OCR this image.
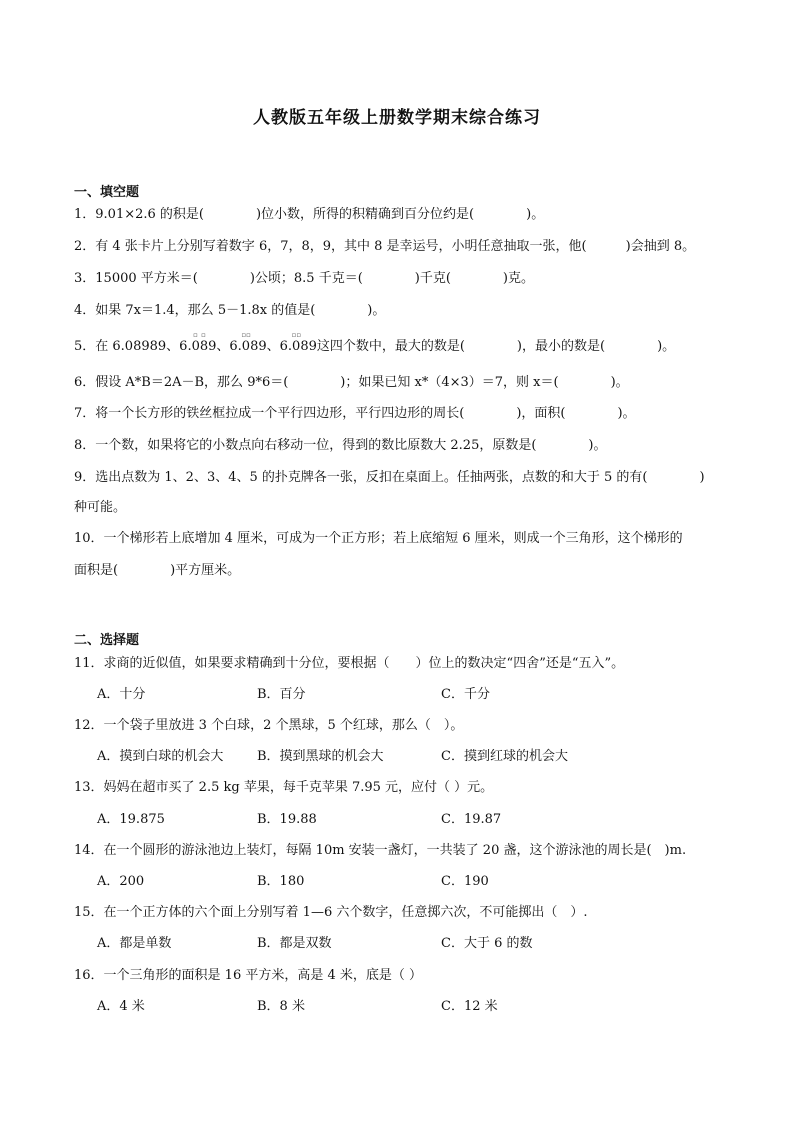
人教版五年级上册数学期末综合练习
一、填空题
1．9.01×2.6 的积是(　　　　)位小数，所得的积精确到百分位约是(　　　　)。
2．有 4 张卡片上分别写着数字 6，7，8，9，其中 8 是幸运号，小明任意抽取一张，他(　　　)会抽到 8。
3．15000 平方米＝(　　　　)公顷；8.5 千克＝(　　　　)千克(　　　　)克。
4．如果 7x＝1.4，那么 5－1.8x 的值是(　　　　)。
5．在 6.08989、▫ 6.089 ▫、▫▫ 6.089、▫▫ 6.089这四个数中，最大的数是(　　　　)，最小的数是(　　　　)。
6．假设 A*B＝2A－B，那么 9*6＝(　　　　)；如果已知 x*（4×3）＝7，则 x＝(　　　　)。
7．将一个长方形的铁丝框拉成一个平行四边形，平行四边形的周长(　　　　)，面积(　　　　)。
8．一个数，如果将它的小数点向右移动一位，得到的数比原数大 2.25，原数是(　　　　)。
9．选出点数为 1、2、3、4、5 的扑克牌各一张，反扣在桌面上。任抽两张，点数的和大于 5 的有(　　　　)
种可能。
10．一个梯形若上底增加 4 厘米，可成为一个正方形；若上底缩短 6 厘米，则成一个三角形，这个梯形的
面积是(　　　　)平方厘米。
二、选择题
11．求商的近似值，如果要求精确到十分位，要根据（　　）位上的数决定“四舍”还是“五入”。
A．十分	B．百分	C．千分
12．一个袋子里放进 3 个白球，2 个黑球，5 个红球，那么（　）。
A．摸到白球的机会大	B．摸到黑球的机会大	C．摸到红球的机会大
13．妈妈在超市买了 2.5 kg 苹果，每千克苹果 7.95 元，应付（ ）元。
A．19.875	B．19.88	C．19.87
14．在一个圆形的游泳池边上装灯，每隔 10m 安装一盏灯，一共装了 20 盏，这个游泳池的周长是(　)m.
A．200	B．180	C．190
15．在一个正方体的六个面上分别写着 1—6 六个数字，任意掷六次，不可能掷出（　）.
A．都是单数	B．都是双数	C．大于 6 的数
16．一个三角形的面积是 16 平方米，高是 4 米，底是（ ）
A．4 米	B．8 米	C．12 米
